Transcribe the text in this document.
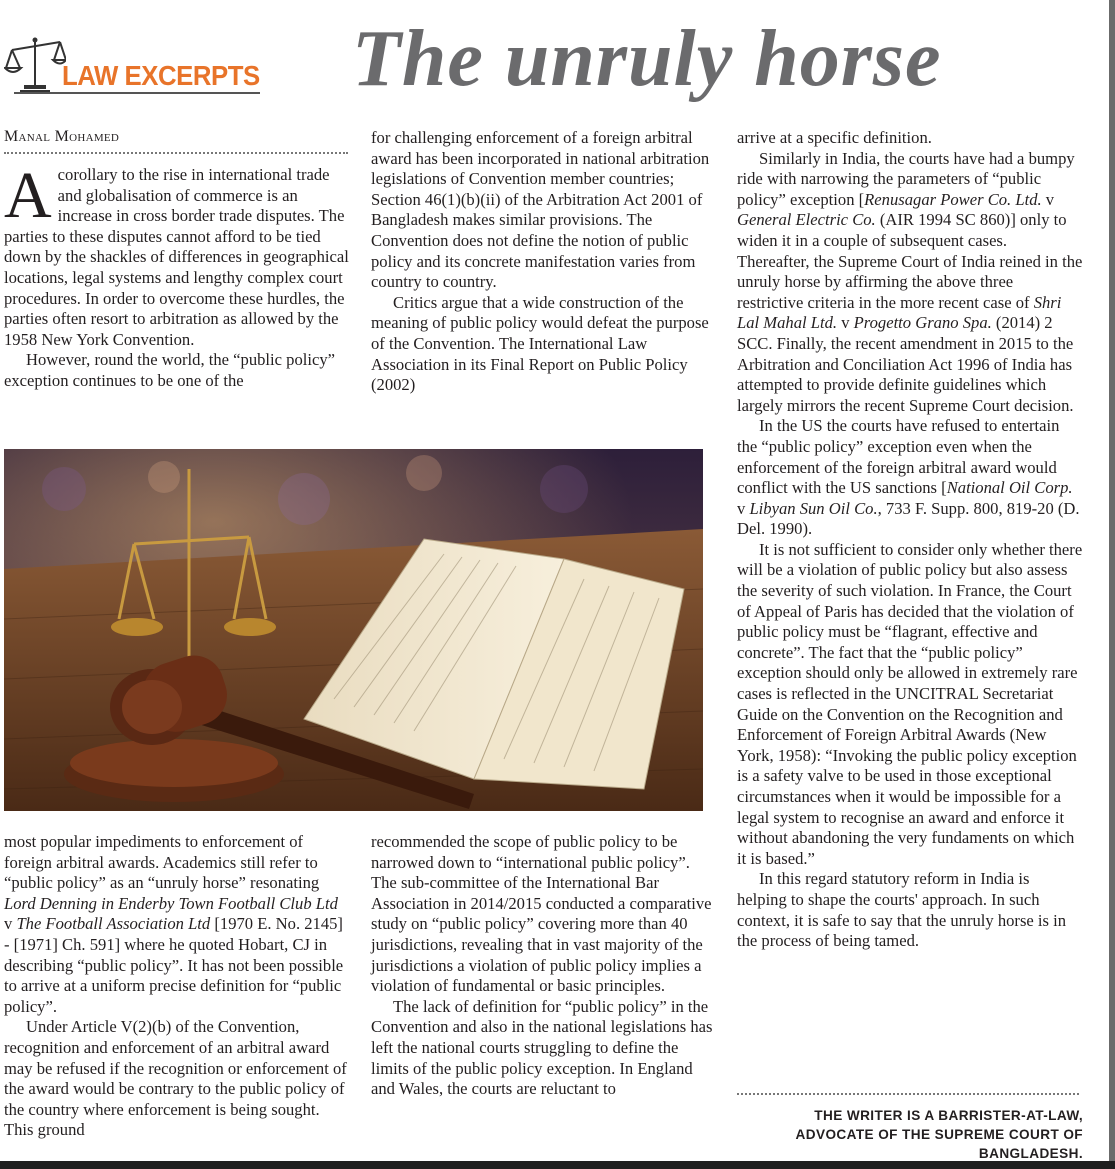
LAW EXCERPTS The unruly horse
Manal Mohamed

Acorollary to the rise in international trade and globalisation of commerce is an increase in cross border trade disputes. The parties to these disputes cannot afford to be tied down by the shackles of differences in geographical locations, legal systems and lengthy complex court procedures. In order to overcome these hurdles, the parties often resort to arbitration as allowed by the 1958 New York Convention.

However, round the world, the “public policy” exception continues to be one of the

for challenging enforcement of a foreign arbitral award has been incorporated in national arbitration legislations of Convention member countries; Section 46(1)(b)(ii) of the Arbitration Act 2001 of Bangladesh makes similar provisions. The Convention does not define the notion of public policy and its concrete manifestation varies from country to country.

Critics argue that a wide construction of the meaning of public policy would defeat the purpose of the Convention. The International Law Association in its Final Report on Public Policy (2002)

most popular impediments to enforcement of foreign arbitral awards. Academics still refer to “public policy” as an “unruly horse” resonating Lord Denning in Enderby Town Football Club Ltd v The Football Association Ltd [1970 E. No. 2145] - [1971] Ch. 591] where he quoted Hobart, CJ in describing “public policy”. It has not been possible to arrive at a uniform precise definition for “public policy”.

Under Article V(2)(b) of the Convention, recognition and enforcement of an arbitral award may be refused if the recognition or enforcement of the award would be contrary to the public policy of the country where enforcement is being sought. This ground

recommended the scope of public policy to be narrowed down to “international public policy”. The sub-committee of the International Bar Association in 2014/2015 conducted a comparative study on “public policy” covering more than 40 jurisdictions, revealing that in vast majority of the jurisdictions a violation of public policy implies a violation of fundamental or basic principles.

The lack of definition for “public policy” in the Convention and also in the national legislations has left the national courts struggling to define the limits of the public policy exception. In England and Wales, the courts are reluctant to

arrive at a specific definition.

Similarly in India, the courts have had a bumpy ride with narrowing the parameters of “public policy” exception [Renusagar Power Co. Ltd. v General Electric Co. (AIR 1994 SC 860)] only to widen it in a couple of subsequent cases. Thereafter, the Supreme Court of India reined in the unruly horse by affirming the above three restrictive criteria in the more recent case of Shri Lal Mahal Ltd. v Progetto Grano Spa. (2014) 2 SCC. Finally, the recent amendment in 2015 to the Arbitration and Conciliation Act 1996 of India has attempted to provide definite guidelines which largely mirrors the recent Supreme Court decision.

In the US the courts have refused to entertain the “public policy” exception even when the enforcement of the foreign arbitral award would conflict with the US sanctions [National Oil Corp. v Libyan Sun Oil Co., 733 F. Supp. 800, 819-20 (D. Del. 1990).

It is not sufficient to consider only whether there will be a violation of public policy but also assess the severity of such violation. In France, the Court of Appeal of Paris has decided that the violation of public policy must be “flagrant, effective and concrete”. The fact that the “public policy” exception should only be allowed in extremely rare cases is reflected in the UNCITRAL Secretariat Guide on the Convention on the Recognition and Enforcement of Foreign Arbitral Awards (New York, 1958): “Invoking the public policy exception is a safety valve to be used in those exceptional circumstances when it would be impossible for a legal system to recognise an award and enforce it without abandoning the very fundaments on which it is based.”

In this regard statutory reform in India is helping to shape the courts' approach. In such context, it is safe to say that the unruly horse is in the process of being tamed.

THE WRITER IS A BARRISTER-AT-LAW,
ADVOCATE OF THE SUPREME COURT OF
BANGLADESH.
